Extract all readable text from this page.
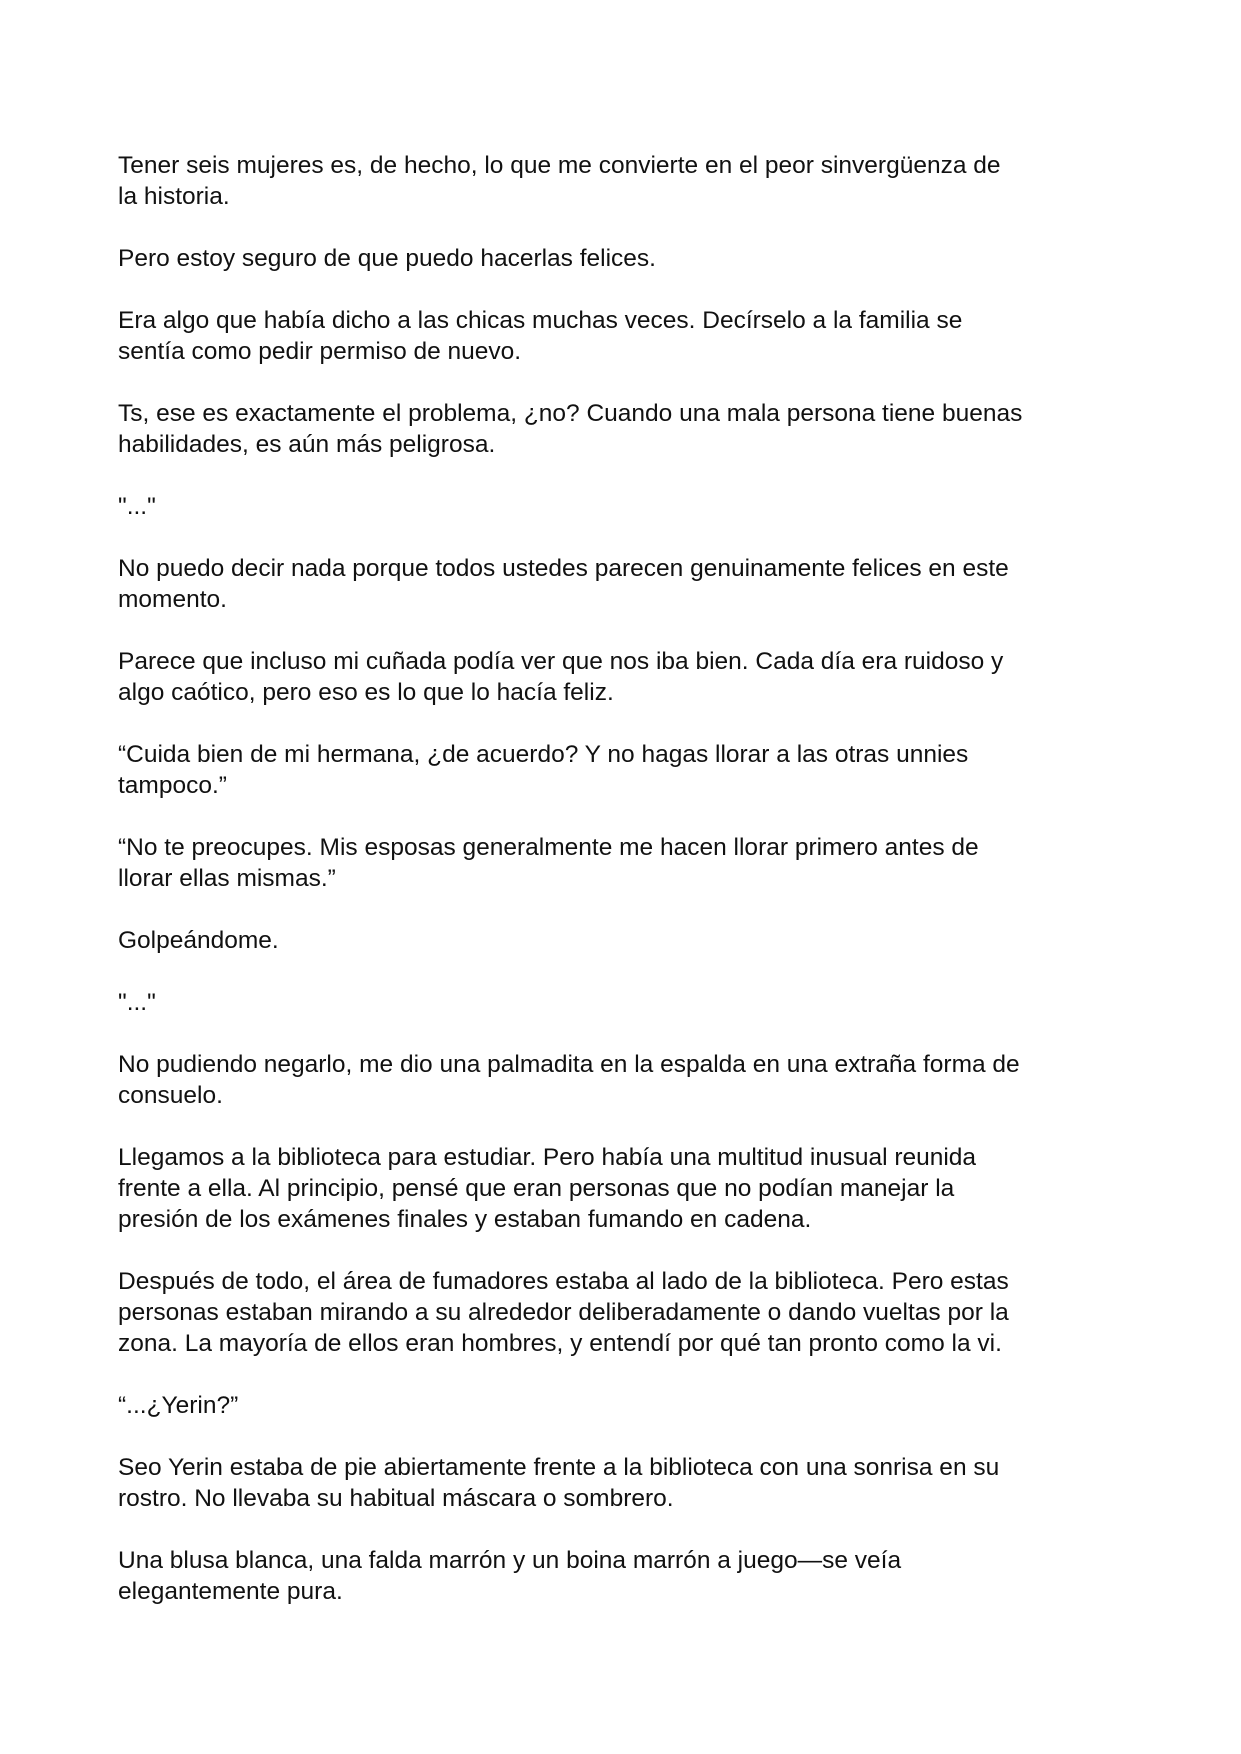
Tener seis mujeres es, de hecho, lo que me convierte en el peor sinvergüenza de
la historia.

Pero estoy seguro de que puedo hacerlas felices.

Era algo que había dicho a las chicas muchas veces. Decírselo a la familia se
sentía como pedir permiso de nuevo.

Ts, ese es exactamente el problema, ¿no? Cuando una mala persona tiene buenas
habilidades, es aún más peligrosa.

"..."

No puedo decir nada porque todos ustedes parecen genuinamente felices en este
momento.

Parece que incluso mi cuñada podía ver que nos iba bien. Cada día era ruidoso y
algo caótico, pero eso es lo que lo hacía feliz.

“Cuida bien de mi hermana, ¿de acuerdo? Y no hagas llorar a las otras unnies
tampoco.”

“No te preocupes. Mis esposas generalmente me hacen llorar primero antes de
llorar ellas mismas.”

Golpeándome.

"..."

No pudiendo negarlo, me dio una palmadita en la espalda en una extraña forma de
consuelo.

Llegamos a la biblioteca para estudiar. Pero había una multitud inusual reunida
frente a ella. Al principio, pensé que eran personas que no podían manejar la
presión de los exámenes finales y estaban fumando en cadena.

Después de todo, el área de fumadores estaba al lado de la biblioteca. Pero estas
personas estaban mirando a su alrededor deliberadamente o dando vueltas por la
zona. La mayoría de ellos eran hombres, y entendí por qué tan pronto como la vi.

“...¿Yerin?”

Seo Yerin estaba de pie abiertamente frente a la biblioteca con una sonrisa en su
rostro. No llevaba su habitual máscara o sombrero.

Una blusa blanca, una falda marrón y un boina marrón a juego—se veía
elegantemente pura.
